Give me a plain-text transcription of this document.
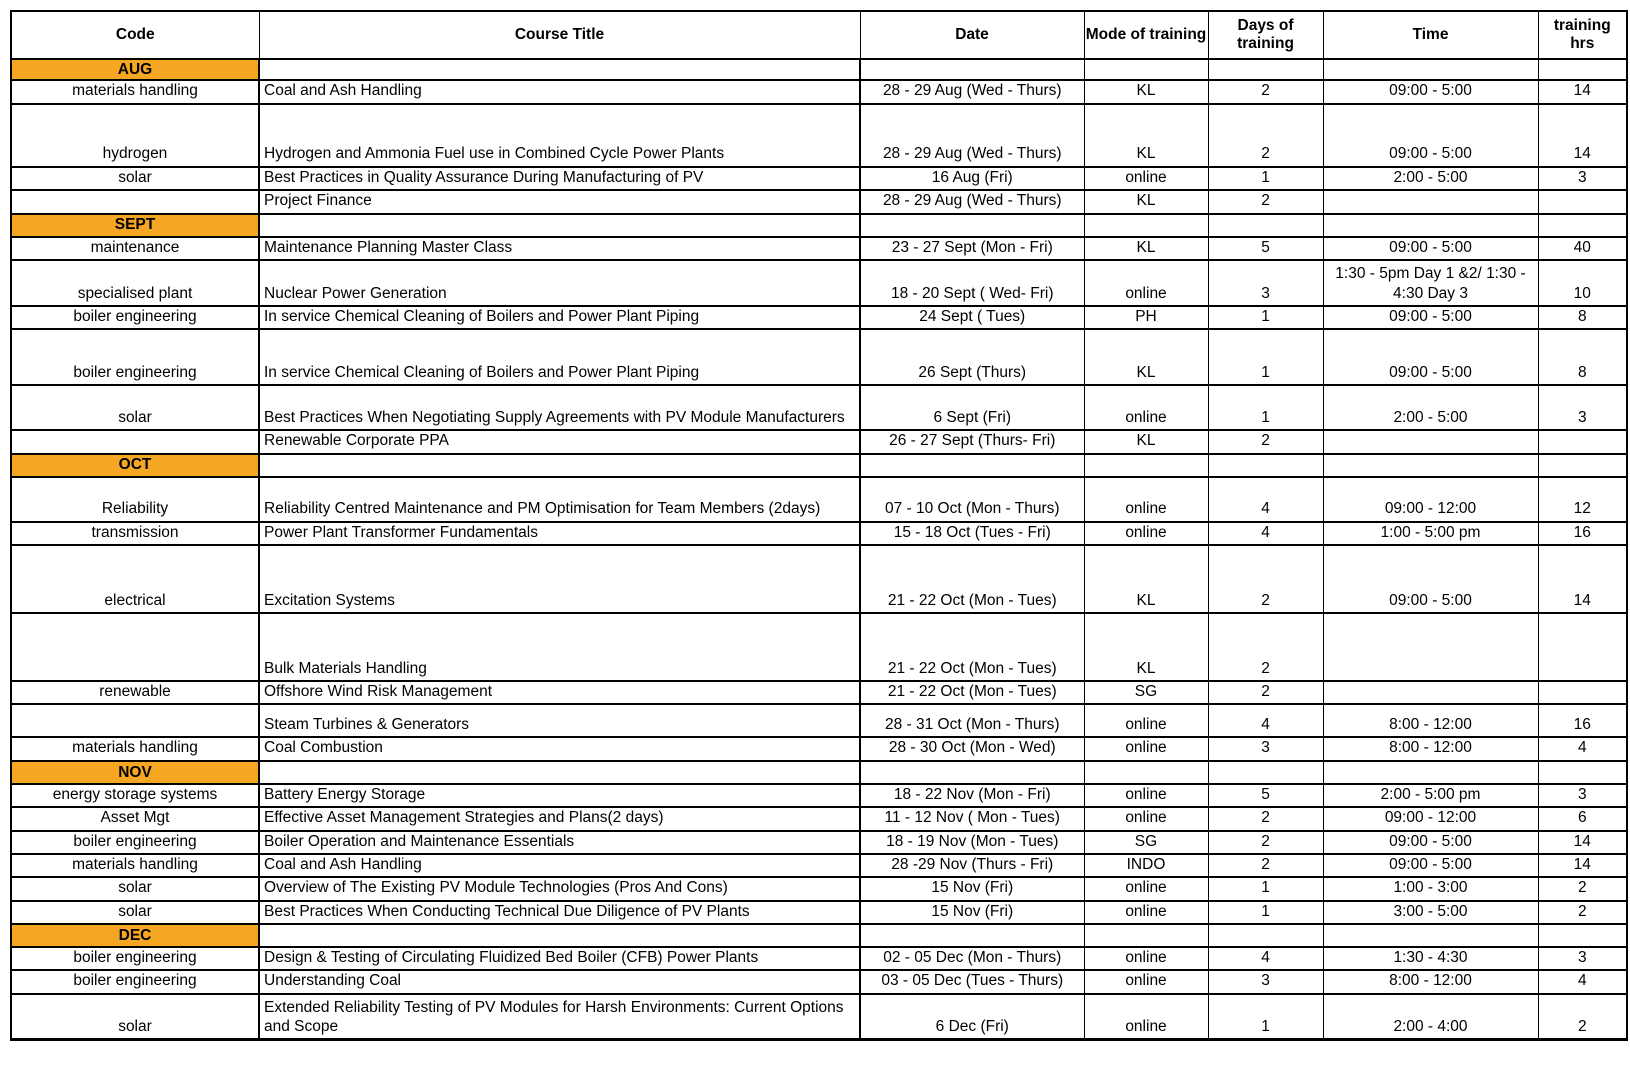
Code	Course Title	Date	Mode of training	Days of training	Time	training hrs
AUG						
materials handling	Coal and Ash Handling	28 - 29 Aug (Wed - Thurs)	KL	2	09:00 - 5:00	14
hydrogen	Hydrogen and Ammonia Fuel use in Combined Cycle Power Plants	28 - 29 Aug (Wed - Thurs)	KL	2	09:00 - 5:00	14
solar	Best Practices in Quality Assurance During Manufacturing of PV	16 Aug (Fri)	online	1	2:00 - 5:00	3
	Project Finance	28 - 29 Aug (Wed - Thurs)	KL	2		
SEPT						
maintenance	Maintenance Planning Master Class	23 - 27 Sept (Mon - Fri)	KL	5	09:00 - 5:00	40
specialised plant	Nuclear Power Generation	18 - 20 Sept ( Wed- Fri)	online	3	1:30 - 5pm Day 1 &2/ 1:30 - 4:30 Day 3	10
boiler engineering	In service Chemical Cleaning of Boilers and Power Plant Piping	24 Sept ( Tues)	PH	1	09:00 - 5:00	8
boiler engineering	In service Chemical Cleaning of Boilers and Power Plant Piping	26 Sept (Thurs)	KL	1	09:00 - 5:00	8
solar	Best Practices When Negotiating Supply Agreements with PV Module Manufacturers	6 Sept (Fri)	online	1	2:00 - 5:00	3
	Renewable Corporate PPA	26 - 27 Sept (Thurs- Fri)	KL	2		
OCT						
Reliability	Reliability Centred Maintenance and PM Optimisation for Team Members (2days)	07 - 10 Oct (Mon - Thurs)	online	4	09:00 - 12:00	12
transmission	Power Plant Transformer Fundamentals	15 - 18 Oct (Tues - Fri)	online	4	1:00 - 5:00 pm	16
electrical	Excitation Systems	21 - 22 Oct (Mon - Tues)	KL	2	09:00 - 5:00	14
	Bulk Materials Handling	21 - 22 Oct (Mon - Tues)	KL	2		
renewable	Offshore Wind Risk Management	21 - 22 Oct (Mon - Tues)	SG	2		
	Steam Turbines & Generators	28 - 31 Oct (Mon - Thurs)	online	4	8:00 - 12:00	16
materials handling	Coal Combustion	28 - 30 Oct (Mon - Wed)	online	3	8:00 - 12:00	4
NOV						
energy storage systems	Battery Energy Storage	18 - 22 Nov (Mon - Fri)	online	5	2:00 - 5:00 pm	3
Asset Mgt	Effective Asset Management Strategies and Plans(2 days)	11 - 12 Nov ( Mon - Tues)	online	2	09:00 - 12:00	6
boiler engineering	Boiler Operation and Maintenance Essentials	18 - 19 Nov (Mon - Tues)	SG	2	09:00 - 5:00	14
materials handling	Coal and Ash Handling	28 -29 Nov (Thurs - Fri)	INDO	2	09:00 - 5:00	14
solar	Overview of The Existing PV Module Technologies (Pros And Cons)	15 Nov (Fri)	online	1	1:00 - 3:00	2
solar	Best Practices When Conducting Technical Due Diligence of PV Plants	15 Nov (Fri)	online	1	3:00 - 5:00	2
DEC						
boiler engineering	Design & Testing of Circulating Fluidized Bed Boiler (CFB) Power Plants	02 - 05 Dec (Mon - Thurs)	online	4	1:30 - 4:30	3
boiler engineering	Understanding Coal	03 - 05 Dec (Tues - Thurs)	online	3	8:00 - 12:00	4
solar	Extended Reliability Testing of PV Modules for Harsh Environments: Current Options and Scope	6 Dec (Fri)	online	1	2:00 - 4:00	2
